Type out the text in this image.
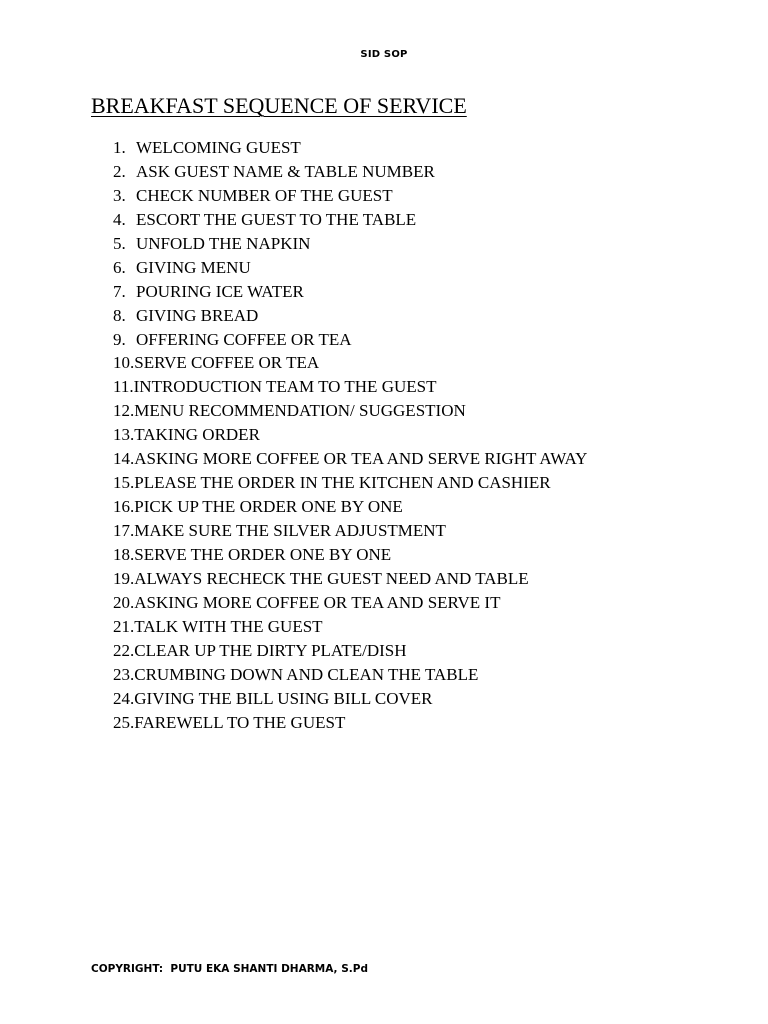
SID SOP
BREAKFAST SEQUENCE OF SERVICE
1. WELCOMING GUEST
2. ASK GUEST NAME & TABLE NUMBER
3. CHECK NUMBER OF THE GUEST
4. ESCORT THE GUEST TO THE TABLE
5. UNFOLD THE NAPKIN
6. GIVING MENU
7. POURING ICE WATER
8. GIVING BREAD
9. OFFERING COFFEE OR TEA
10.SERVE COFFEE OR TEA
11.INTRODUCTION TEAM TO THE GUEST
12.MENU RECOMMENDATION/ SUGGESTION
13.TAKING ORDER
14.ASKING MORE COFFEE OR TEA AND SERVE RIGHT AWAY
15.PLEASE THE ORDER IN THE KITCHEN AND CASHIER
16.PICK UP THE ORDER ONE BY ONE
17.MAKE SURE THE SILVER ADJUSTMENT
18.SERVE THE ORDER ONE BY ONE
19.ALWAYS RECHECK THE GUEST NEED AND TABLE
20.ASKING MORE COFFEE OR TEA AND SERVE IT
21.TALK WITH THE GUEST
22.CLEAR UP THE DIRTY PLATE/DISH
23.CRUMBING DOWN AND CLEAN THE TABLE
24.GIVING THE BILL USING BILL COVER
25.FAREWELL TO THE GUEST
COPYRIGHT:  PUTU EKA SHANTI DHARMA, S.Pd
